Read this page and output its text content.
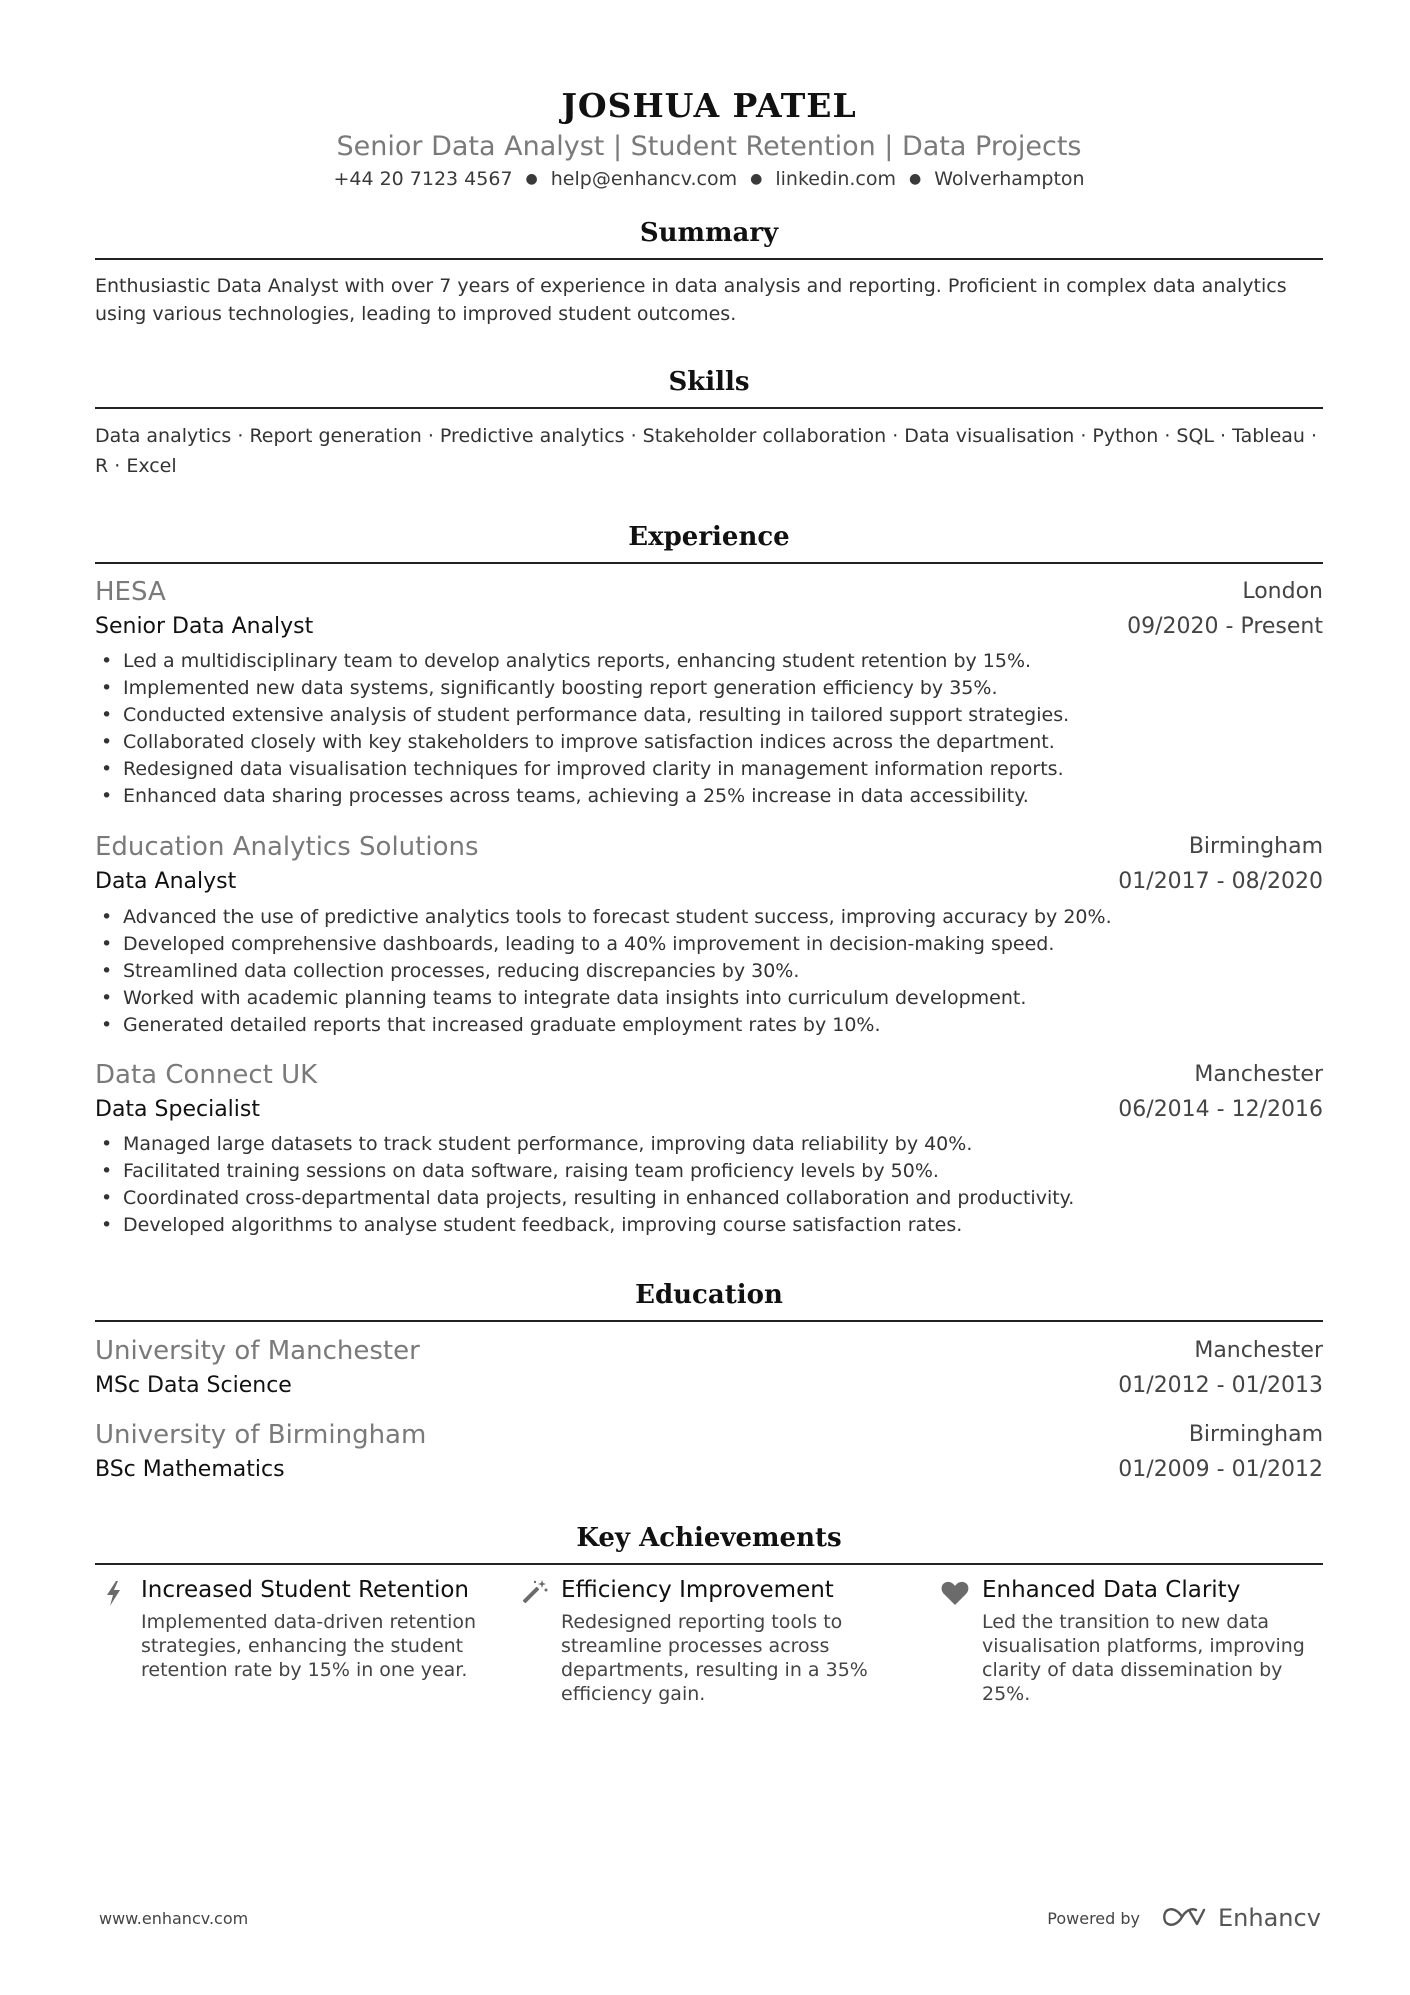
JOSHUA PATEL
Senior Data Analyst | Student Retention | Data Projects
+44 20 7123 4567 ● help@enhancv.com ● linkedin.com ● Wolverhampton
Summary
Enthusiastic Data Analyst with over 7 years of experience in data analysis and reporting. Proficient in complex data analytics using various technologies, leading to improved student outcomes.
Skills
Data analytics · Report generation · Predictive analytics · Stakeholder collaboration · Data visualisation · Python · SQL · Tableau · R · Excel
Experience
HESA	London
Senior Data Analyst	09/2020 - Present
• Led a multidisciplinary team to develop analytics reports, enhancing student retention by 15%.
• Implemented new data systems, significantly boosting report generation efficiency by 35%.
• Conducted extensive analysis of student performance data, resulting in tailored support strategies.
• Collaborated closely with key stakeholders to improve satisfaction indices across the department.
• Redesigned data visualisation techniques for improved clarity in management information reports.
• Enhanced data sharing processes across teams, achieving a 25% increase in data accessibility.
Education Analytics Solutions	Birmingham
Data Analyst	01/2017 - 08/2020
• Advanced the use of predictive analytics tools to forecast student success, improving accuracy by 20%.
• Developed comprehensive dashboards, leading to a 40% improvement in decision-making speed.
• Streamlined data collection processes, reducing discrepancies by 30%.
• Worked with academic planning teams to integrate data insights into curriculum development.
• Generated detailed reports that increased graduate employment rates by 10%.
Data Connect UK	Manchester
Data Specialist	06/2014 - 12/2016
• Managed large datasets to track student performance, improving data reliability by 40%.
• Facilitated training sessions on data software, raising team proficiency levels by 50%.
• Coordinated cross-departmental data projects, resulting in enhanced collaboration and productivity.
• Developed algorithms to analyse student feedback, improving course satisfaction rates.
Education
University of Manchester	Manchester
MSc Data Science	01/2012 - 01/2013
University of Birmingham	Birmingham
BSc Mathematics	01/2009 - 01/2012
Key Achievements
Increased Student Retention
Implemented data-driven retention strategies, enhancing the student retention rate by 15% in one year.
Efficiency Improvement
Redesigned reporting tools to streamline processes across departments, resulting in a 35% efficiency gain.
Enhanced Data Clarity
Led the transition to new data visualisation platforms, improving clarity of data dissemination by 25%.
www.enhancv.com	Powered by	Enhancv
